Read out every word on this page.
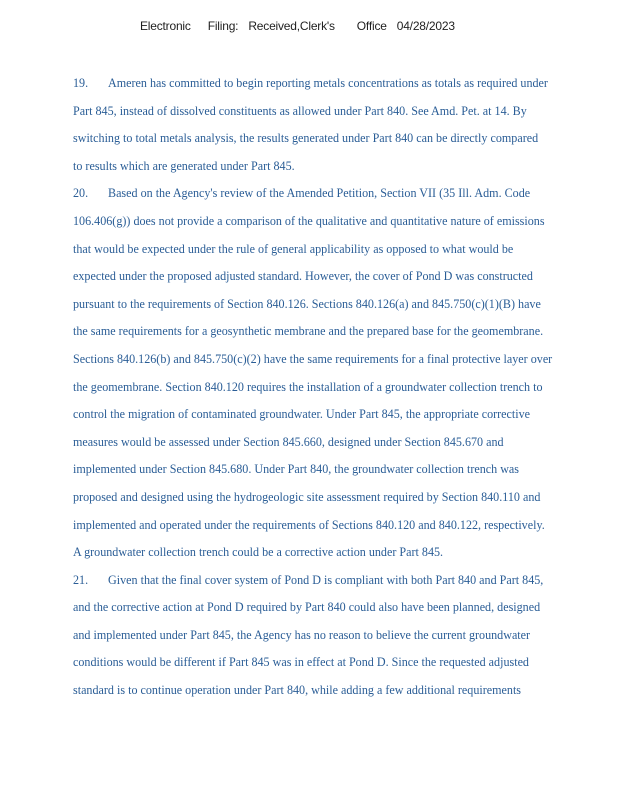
Electronic Filing: Received,Clerk's Office 04/28/2023
19. Ameren has committed to begin reporting metals concentrations as totals as required under
Part 845, instead of dissolved constituents as allowed under Part 840. See Amd. Pet. at 14. By
switching to total metals analysis, the results generated under Part 840 can be directly compared
to results which are generated under Part 845.
20. Based on the Agency's review of the Amended Petition, Section VII (35 Ill. Adm. Code
106.406(g)) does not provide a comparison of the qualitative and quantitative nature of emissions
that would be expected under the rule of general applicability as opposed to what would be
expected under the proposed adjusted standard. However, the cover of Pond D was constructed
pursuant to the requirements of Section 840.126. Sections 840.126(a) and 845.750(c)(1)(B) have
the same requirements for a geosynthetic membrane and the prepared base for the geomembrane.
Sections 840.126(b) and 845.750(c)(2) have the same requirements for a final protective layer over
the geomembrane. Section 840.120 requires the installation of a groundwater collection trench to
control the migration of contaminated groundwater. Under Part 845, the appropriate corrective
measures would be assessed under Section 845.660, designed under Section 845.670 and
implemented under Section 845.680. Under Part 840, the groundwater collection trench was
proposed and designed using the hydrogeologic site assessment required by Section 840.110 and
implemented and operated under the requirements of Sections 840.120 and 840.122, respectively.
A groundwater collection trench could be a corrective action under Part 845.
21. Given that the final cover system of Pond D is compliant with both Part 840 and Part 845,
and the corrective action at Pond D required by Part 840 could also have been planned, designed
and implemented under Part 845, the Agency has no reason to believe the current groundwater
conditions would be different if Part 845 was in effect at Pond D. Since the requested adjusted
standard is to continue operation under Part 840, while adding a few additional requirements
